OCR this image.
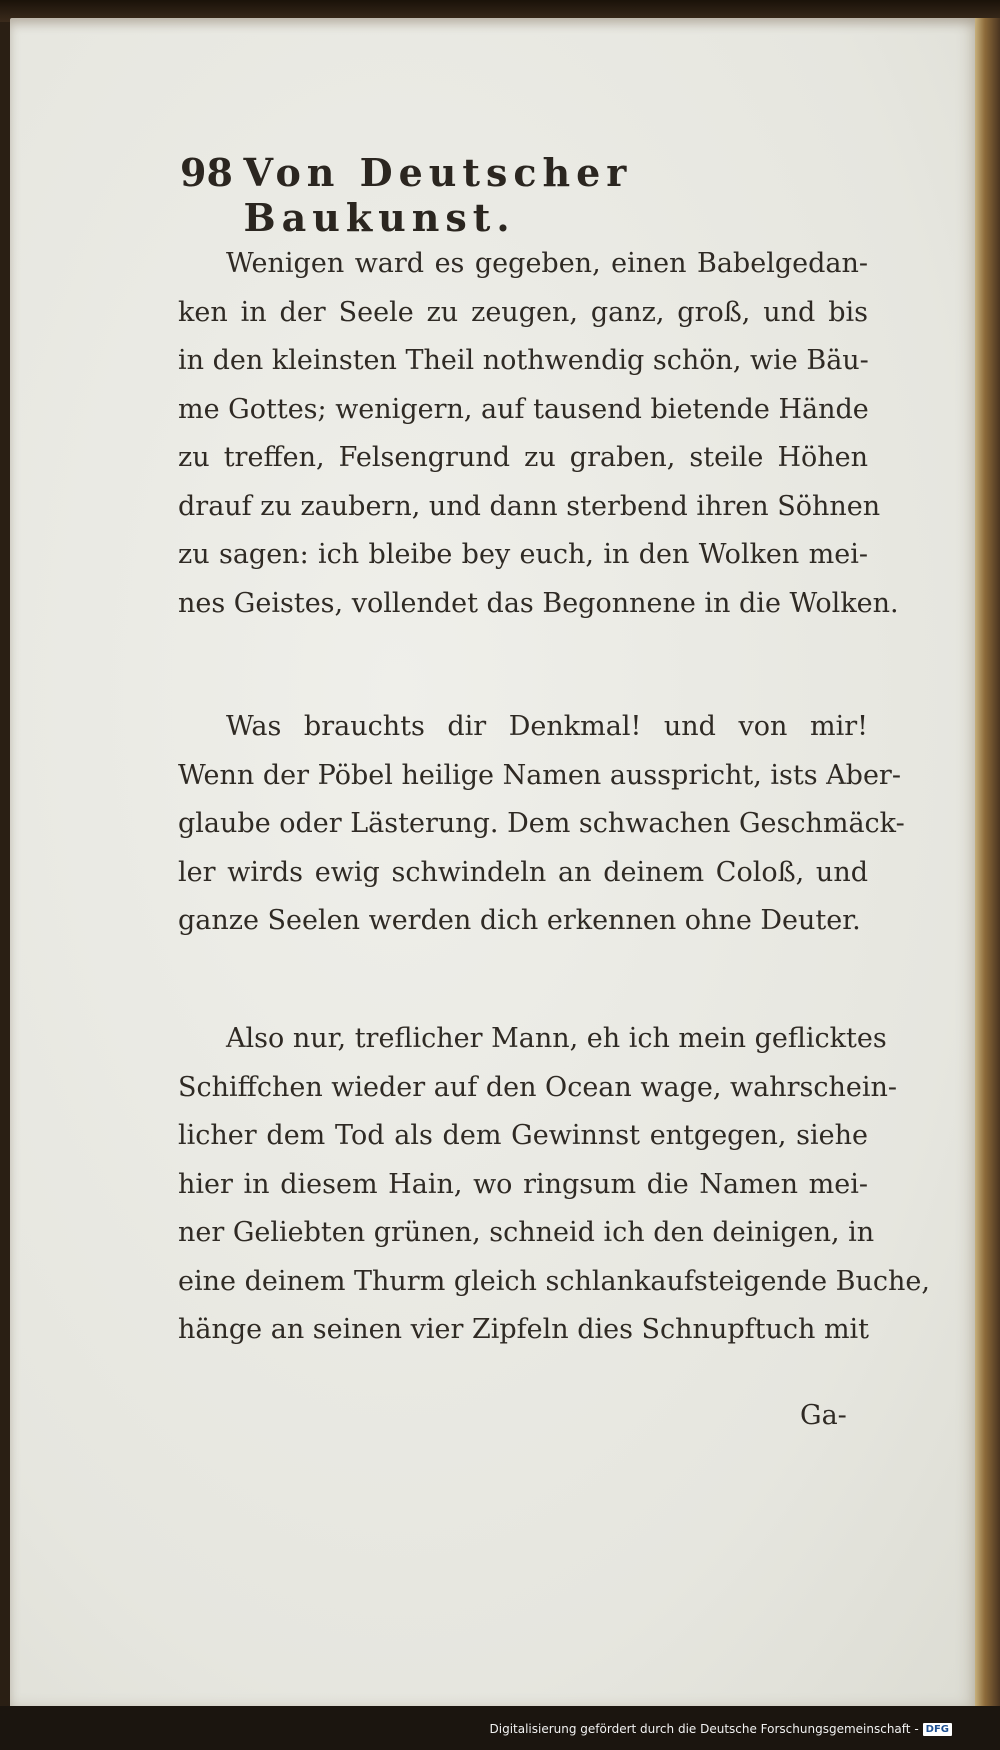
98 Von Deutscher Baukunst.
Wenigen ward es gegeben, einen Babelgedan-
ken in der Seele zu zeugen, ganz, groß, und bis
in den kleinsten Theil nothwendig schön, wie Bäu-
me Gottes; wenigern, auf tausend bietende Hände
zu treffen, Felsengrund zu graben, steile Höhen
drauf zu zaubern, und dann sterbend ihren Söhnen
zu sagen: ich bleibe bey euch, in den Wolken mei-
nes Geistes, vollendet das Begonnene in die Wolken.
Was brauchts dir Denkmal! und von mir!
Wenn der Pöbel heilige Namen ausspricht, ists Aber-
glaube oder Lästerung. Dem schwachen Geschmäck-
ler wirds ewig schwindeln an deinem Coloß, und
ganze Seelen werden dich erkennen ohne Deuter.
Also nur, treflicher Mann, eh ich mein geflicktes
Schiffchen wieder auf den Ocean wage, wahrschein-
licher dem Tod als dem Gewinnst entgegen, siehe
hier in diesem Hain, wo ringsum die Namen mei-
ner Geliebten grünen, schneid ich den deinigen, in
eine deinem Thurm gleich schlankaufsteigende Buche,
hänge an seinen vier Zipfeln dies Schnupftuch mit
Ga-
Digitalisierung gefördert durch die Deutsche Forschungsgemeinschaft - DFG
